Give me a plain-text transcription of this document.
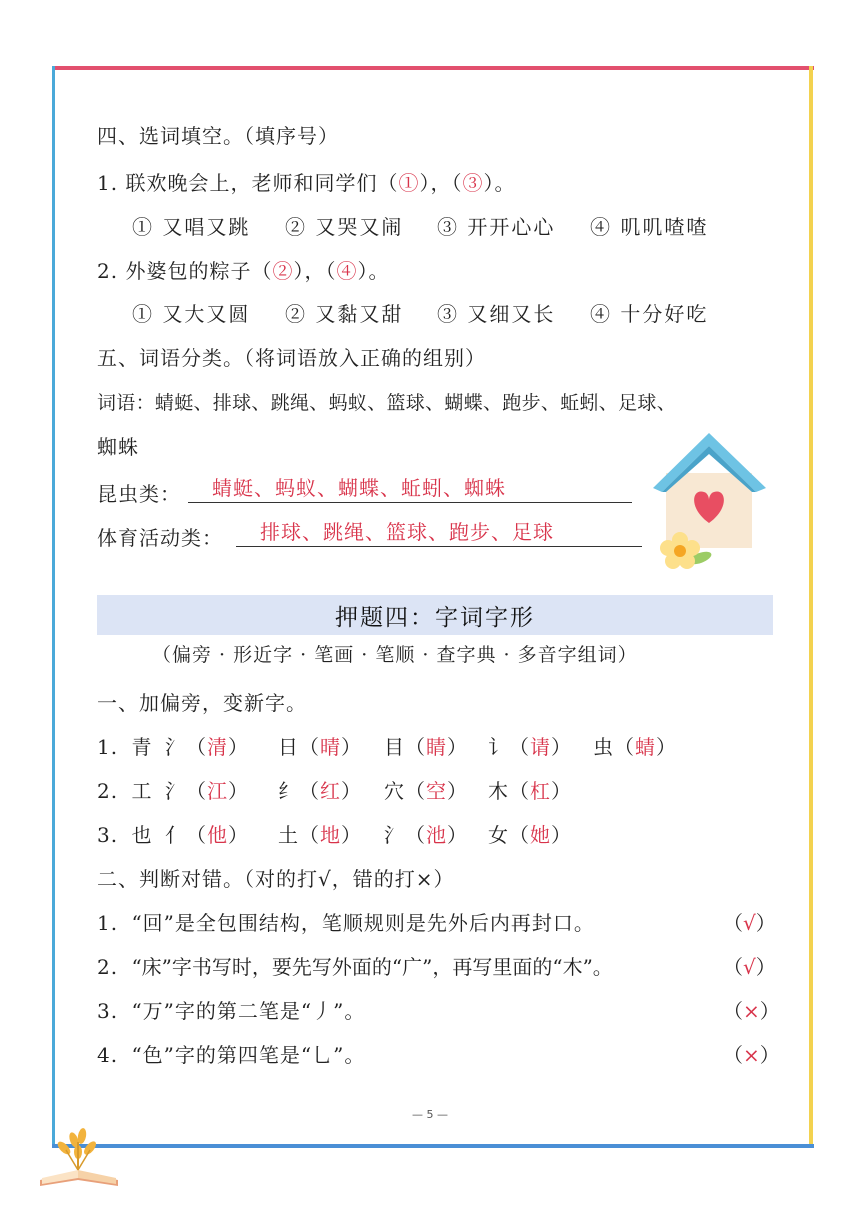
四、选词填空。（填序号）
1. 联欢晚会上，老师和同学们（①），（③）。
① 又唱又跳 ② 又哭又闹 ③ 开开心心 ④ 叽叽喳喳
2. 外婆包的粽子（②），（④）。
① 又大又圆 ② 又黏又甜 ③ 又细又长 ④ 十分好吃
五、词语分类。（将词语放入正确的组别）
词语：蜻蜓、排球、跳绳、蚂蚁、篮球、蝴蝶、跑步、蚯蚓、足球、
蜘蛛
昆虫类： 蜻蜓、蚂蚁、蝴蝶、蚯蚓、蜘蛛
体育活动类： 排球、跳绳、篮球、跑步、足球
押题四：字词字形
（偏旁 · 形近字 · 笔画 · 笔顺 · 查字典 · 多音字组词）
一、加偏旁，变新字。
1. 青 氵（清） 日（晴） 目（睛） 讠（请） 虫（蜻）
2. 工 氵（江） 纟（红） 穴（空） 木（杠）
3. 也 亻（他） 土（地） 氵（池） 女（她）
二、判断对错。（对的打√，错的打×）
1. “回”是全包围结构，笔顺规则是先外后内再封口。	（√）
2. “床”字书写时，要先写外面的“广”，再写里面的“木”。	（√）
3. “万”字的第二笔是“丿”。	（×）
4. “色”字的第四笔是“乚”。	（×）
— 5 —
